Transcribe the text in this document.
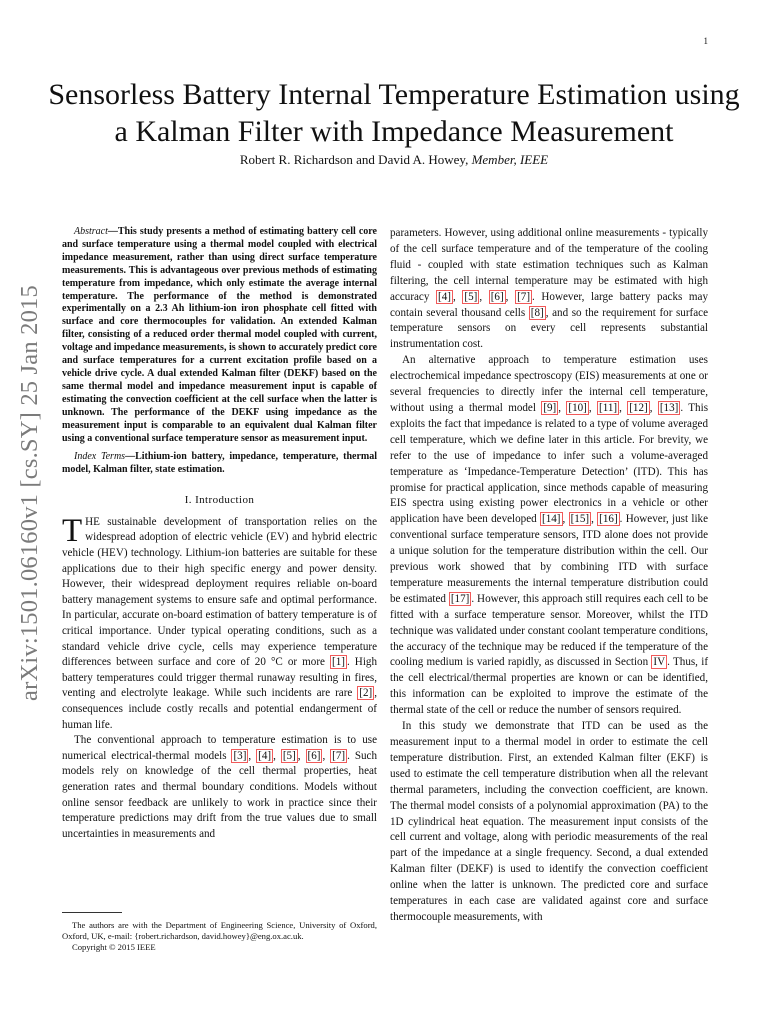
1
arXiv:1501.06160v1 [cs.SY] 25 Jan 2015
Sensorless Battery Internal Temperature Estimation using a Kalman Filter with Impedance Measurement
Robert R. Richardson and David A. Howey, Member, IEEE
Abstract—This study presents a method of estimating battery cell core and surface temperature using a thermal model coupled with electrical impedance measurement, rather than using direct surface temperature measurements. This is advantageous over previous methods of estimating temperature from impedance, which only estimate the average internal temperature. The performance of the method is demonstrated experimentally on a 2.3 Ah lithium-ion iron phosphate cell fitted with surface and core thermocouples for validation. An extended Kalman filter, consisting of a reduced order thermal model coupled with current, voltage and impedance measurements, is shown to accurately predict core and surface temperatures for a current excitation profile based on a vehicle drive cycle. A dual extended Kalman filter (DEKF) based on the same thermal model and impedance measurement input is capable of estimating the convection coefficient at the cell surface when the latter is unknown. The performance of the DEKF using impedance as the measurement input is comparable to an equivalent dual Kalman filter using a conventional surface temperature sensor as measurement input.
Index Terms—Lithium-ion battery, impedance, temperature, thermal model, Kalman filter, state estimation.
I. Introduction

THE sustainable development of transportation relies on the widespread adoption of electric vehicle (EV) and hybrid electric vehicle (HEV) technology. Lithium-ion batteries are suitable for these applications due to their high specific energy and power density. However, their widespread deployment requires reliable on-board battery management systems to ensure safe and optimal performance. In particular, accurate on-board estimation of battery temperature is of critical importance. Under typical operating conditions, such as a standard vehicle drive cycle, cells may experience temperature differences between surface and core of 20 °C or more [1] . High battery temperatures could trigger thermal runaway resulting in fires, venting and electrolyte leakage. While such incidents are rare [2] , consequences include costly recalls and potential endangerment of human life.

The conventional approach to temperature estimation is to use numerical electrical-thermal models [3] , [4] , [5] , [6] , [7] . Such models rely on knowledge of the cell thermal properties, heat generation rates and thermal boundary conditions. Models without online sensor feedback are unlikely to work in practice since their temperature predictions may drift from the true values due to small uncertainties in measurements and

The authors are with the Department of Engineering Science, University of Oxford, Oxford, UK, e-mail: {robert.richardson, david.howey}@eng.ox.ac.uk.

Copyright © 2015 IEEE

parameters. However, using additional online measurements - typically of the cell surface temperature and of the temperature of the cooling fluid - coupled with state estimation techniques such as Kalman filtering, the cell internal temperature may be estimated with high accuracy [4] , [5] , [6] , [7] . However, large battery packs may contain several thousand cells [8] , and so the requirement for surface temperature sensors on every cell represents substantial instrumentation cost.

An alternative approach to temperature estimation uses electrochemical impedance spectroscopy (EIS) measurements at one or several frequencies to directly infer the internal cell temperature, without using a thermal model [9] , [10] , [11] , [12] , [13] . This exploits the fact that impedance is related to a type of volume averaged cell temperature, which we define later in this article. For brevity, we refer to the use of impedance to infer such a volume-averaged temperature as ‘Impedance-Temperature Detection’ (ITD). This has promise for practical application, since methods capable of measuring EIS spectra using existing power electronics in a vehicle or other application have been developed [14] , [15] , [16] . However, just like conventional surface temperature sensors, ITD alone does not provide a unique solution for the temperature distribution within the cell. Our previous work showed that by combining ITD with surface temperature measurements the internal temperature distribution could be estimated [17] . However, this approach still requires each cell to be fitted with a surface temperature sensor. Moreover, whilst the ITD technique was validated under constant coolant temperature conditions, the accuracy of the technique may be reduced if the temperature of the cooling medium is varied rapidly, as discussed in Section IV . Thus, if the cell electrical/thermal properties are known or can be identified, this information can be exploited to improve the estimate of the thermal state of the cell or reduce the number of sensors required.

In this study we demonstrate that ITD can be used as the measurement input to a thermal model in order to estimate the cell temperature distribution. First, an extended Kalman filter (EKF) is used to estimate the cell temperature distribution when all the relevant thermal parameters, including the convection coefficient, are known. The thermal model consists of a polynomial approximation (PA) to the 1D cylindrical heat equation. The measurement input consists of the cell current and voltage, along with periodic measurements of the real part of the impedance at a single frequency. Second, a dual extended Kalman filter (DEKF) is used to identify the convection coefficient online when the latter is unknown. The predicted core and surface temperatures in each case are validated against core and surface thermocouple measurements, with
